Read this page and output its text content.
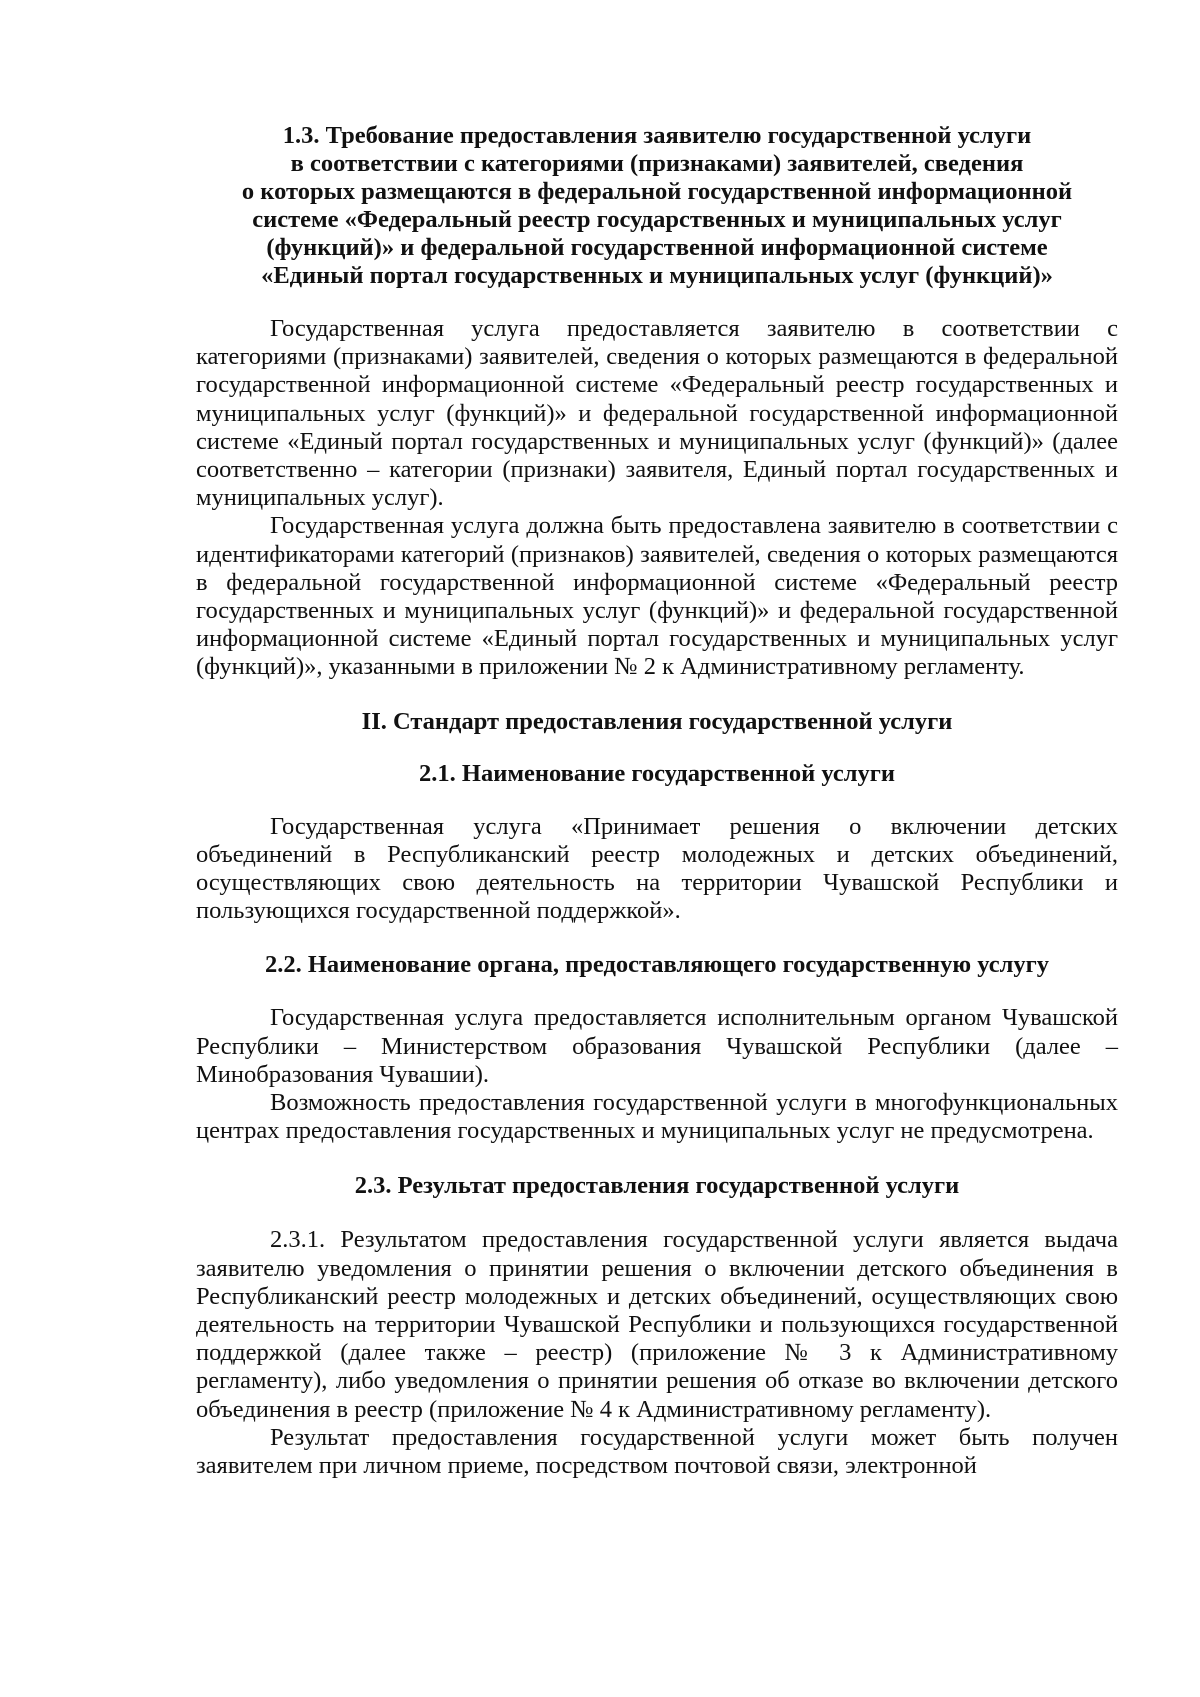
1.3. Требование предоставления заявителю государственной услуги
в соответствии с категориями (признаками) заявителей, сведения
о которых размещаются в федеральной государственной информационной
системе «Федеральный реестр государственных и муниципальных услуг
(функций)» и федеральной государственной информационной системе
«Единый портал государственных и муниципальных услуг (функций)»

Государственная услуга предоставляется заявителю в соответствии с категориями (признаками) заявителей, сведения о которых размещаются в федеральной государственной информационной системе «Федеральный реестр государственных и муниципальных услуг (функций)» и федеральной государственной информационной системе «Единый портал государственных и муниципальных услуг (функций)» (далее соответственно – категории (признаки) заявителя, Единый портал государственных и муниципальных услуг).

Государственная услуга должна быть предоставлена заявителю в соответствии с идентификаторами категорий (признаков) заявителей, сведения о которых размещаются в федеральной государственной информационной системе «Федеральный реестр государственных и муниципальных услуг (функций)» и федеральной государственной информационной системе «Единый портал государственных и муниципальных услуг (функций)», указанными в приложении № 2 к Административному регламенту.

II. Стандарт предоставления государственной услуги
2.1. Наименование государственной услуги

Государственная услуга «Принимает решения о включении детских объединений в Республиканский реестр молодежных и детских объединений, осуществляющих свою деятельность на территории Чувашской Республики и пользующихся государственной поддержкой».

2.2. Наименование органа, предоставляющего государственную услугу

Государственная услуга предоставляется исполнительным органом Чувашской Республики – Министерством образования Чувашской Республики (далее – Минобразования Чувашии).

Возможность предоставления государственной услуги в многофункциональных центрах предоставления государственных и муниципальных услуг не предусмотрена.

2.3. Результат предоставления государственной услуги

2.3.1. Результатом предоставления государственной услуги является выдача заявителю уведомления о принятии решения о включении детского объединения в Республиканский реестр молодежных и детских объединений, осуществляющих свою деятельность на территории Чувашской Республики и пользующихся государственной поддержкой (далее также – реестр) (приложение № 3 к Административному регламенту), либо уведомления о принятии решения об отказе во включении детского объединения в реестр (приложение № 4 к Административному регламенту).

Результат предоставления государственной услуги может быть получен заявителем при личном приеме, посредством почтовой связи, электронной
